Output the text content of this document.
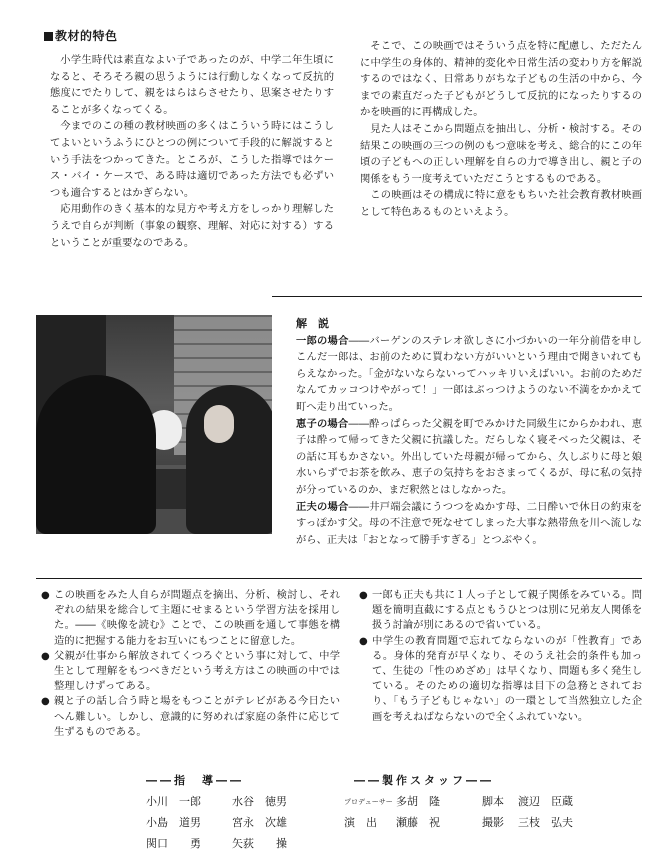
教材的特色

小学生時代は素直なよい子であったのが、中学二年生頃になると、そろそろ親の思うようには行動しなくなって反抗的態度にでたりして、親をはらはらさせたり、思案させたりすることが多くなってくる。

今までのこの種の教材映画の多くはこういう時にはこうしてよいというふうにひとつの例について手段的に解説するという手法をつかってきた。ところが、こうした指導ではケース・バイ・ケースで、ある時は適切であった方法でも必ずいつも適合するとはかぎらない。

応用動作のきく基本的な見方や考え方をしっかり理解したうえで自らが判断（事象の観察、理解、対応に対する）するということが重要なのである。

そこで、この映画ではそういう点を特に配慮し、ただたんに中学生の身体的、精神的変化や日常生活の変わり方を解説するのではなく、日常ありがちな子どもの生活の中から、今までの素直だった子どもがどうして反抗的になったりするのかを映画的に再構成した。

見た人はそこから問題点を抽出し、分析・検討する。その結果この映画の三つの例のもつ意味を考え、総合的にこの年頃の子どもへの正しい理解を自らの力で導き出し、親と子の関係をもう一度考えていただこうとするものである。

この映画はその構成に特に意をもちいた社会教育教材映画として特色あるものといえよう。

解　説

一郎の場合――バーゲンのステレオ欲しさに小づかいの一年分前借を申しこんだ一郎は、お前のために買わない方がいいという理由で聞きいれてもらえなかった。「金がないならないってハッキリいえばいい。お前のためだなんてカッコつけやがって！」一郎はぶっつけようのない不満をかかえて町へ走り出ていった。

恵子の場合――酔っぱらった父親を町でみかけた同級生にからかわれ、恵子は酔って帰ってきた父親に抗議した。だらしなく寝そべった父親は、その話に耳もかさない。外出していた母親が帰ってから、久しぶりに母と娘水いらずでお茶を飲み、恵子の気持ちをおさまってくるが、母に私の気持が分っているのか、まだ釈然とはしなかった。

正夫の場合――井戸端会議にうつつをぬかす母、二日酔いで休日の約束をすっぽかす父。母の不注意で死なせてしまった大事な熱帯魚を川へ流しながら、正夫は「おとなって勝手すぎる」とつぶやく。

● この映画をみた人自らが問題点を摘出、分析、検討し、それぞれの結果を総合して主題にせまるという学習方法を採用した。――《映像を読む》ことで、この映画を通して事態を構造的に把握する能力をお互いにもつことに留意した。

● 父親が仕事から解放されてくつろぐという事に対して、中学生として理解をもつべきだという考え方はこの映画の中では整理しけずってある。

● 親と子の話し合う時と場をもつことがテレビがある今日たいへん難しい。しかし、意識的に努めれば家庭の条件に応じて生ずるものである。

● 一郎も正夫も共に１人っ子として親子関係をみている。問題を簡明直截にする点ともうひとつは別に兄弟友人関係を扱う討論が別にあるので省いている。

● 中学生の教育問題で忘れてならないのが「性教育」である。身体的発育が早くなり、そのうえ社会的条件も加って、生徒の「性のめざめ」は早くなり、問題も多く発生している。そのための適切な指導は目下の急務とされており、「もう子どもじゃない」の一環として当然独立した企画を考えねばならないので全くふれていない。

――指　導――
小川　一郎	水谷　徳男
小島　道男	宮永　次雄
関口　　勇	矢荻　　操
――製作スタッフ――
プロデューサー 多胡　隆	脚本 渡辺　臣蔵
演　出 瀬藤　祝	撮影 三枝　弘夫
